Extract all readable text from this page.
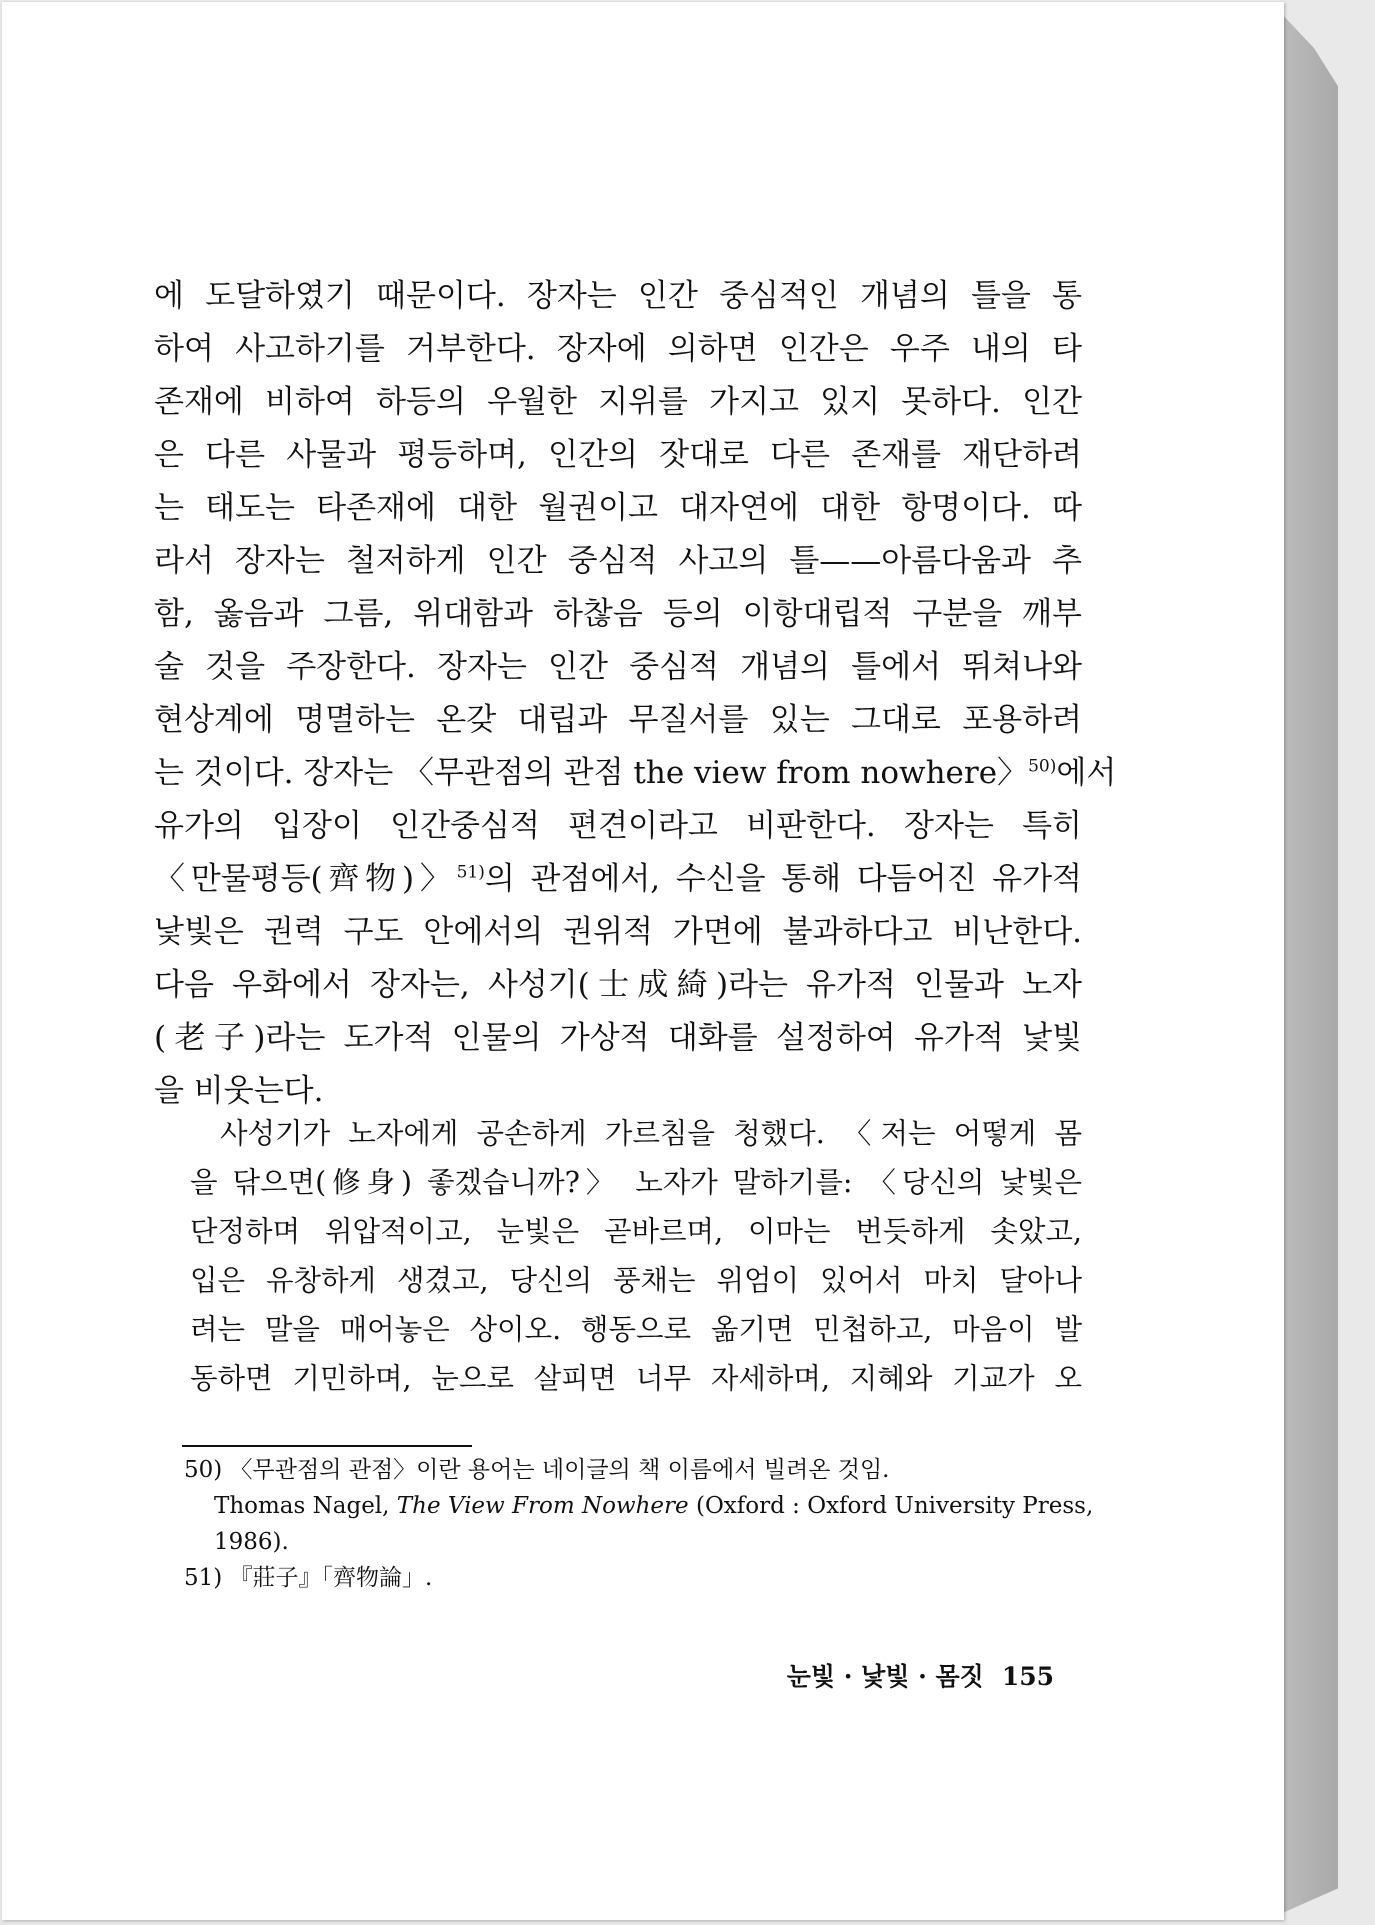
에 도달하였기 때문이다. 장자는 인간 중심적인 개념의 틀을 통
하여 사고하기를 거부한다. 장자에 의하면 인간은 우주 내의 타
존재에 비하여 하등의 우월한 지위를 가지고 있지 못하다. 인간
은 다른 사물과 평등하며, 인간의 잣대로 다른 존재를 재단하려
는 태도는 타존재에 대한 월권이고 대자연에 대한 항명이다. 따
라서 장자는 철저하게 인간 중심적 사고의 틀——아름다움과 추
함, 옳음과 그름, 위대함과 하찮음 등의 이항대립적 구분을 깨부
술 것을 주장한다. 장자는 인간 중심적 개념의 틀에서 뛰쳐나와
현상계에 명멸하는 온갖 대립과 무질서를 있는 그대로 포용하려
는 것이다. 장자는 〈무관점의 관점 the view from nowhere〉$^{50)}$에서
유가의 입장이 인간중심적 편견이라고 비판한다. 장자는 특히
〈만물평등(齊物)〉$^{51)}$의 관점에서, 수신을 통해 다듬어진 유가적
낯빛은 권력 구도 안에서의 권위적 가면에 불과하다고 비난한다.
다음 우화에서 장자는, 사성기(士成綺)라는 유가적 인물과 노자
(老子)라는 도가적 인물의 가상적 대화를 설정하여 유가적 낯빛
을 비웃는다.
사성기가 노자에게 공손하게 가르침을 청했다. 〈저는 어떻게 몸
을 닦으면(修身) 좋겠습니까?〉 노자가 말하기를: 〈당신의 낯빛은
단정하며 위압적이고, 눈빛은 곧바르며, 이마는 번듯하게 솟았고,
입은 유창하게 생겼고, 당신의 풍채는 위엄이 있어서 마치 달아나
려는 말을 매어놓은 상이오. 행동으로 옮기면 민첩하고, 마음이 발
동하면 기민하며, 눈으로 살피면 너무 자세하며, 지혜와 기교가 오
50) 〈무관점의 관점〉이란 용어는 네이글의 책 이름에서 빌려온 것임.
Thomas Nagel, The View From Nowhere (Oxford : Oxford University Press,
1986).
51) 『莊子』「齊物論」.
눈빛 · 낯빛 · 몸짓 155
